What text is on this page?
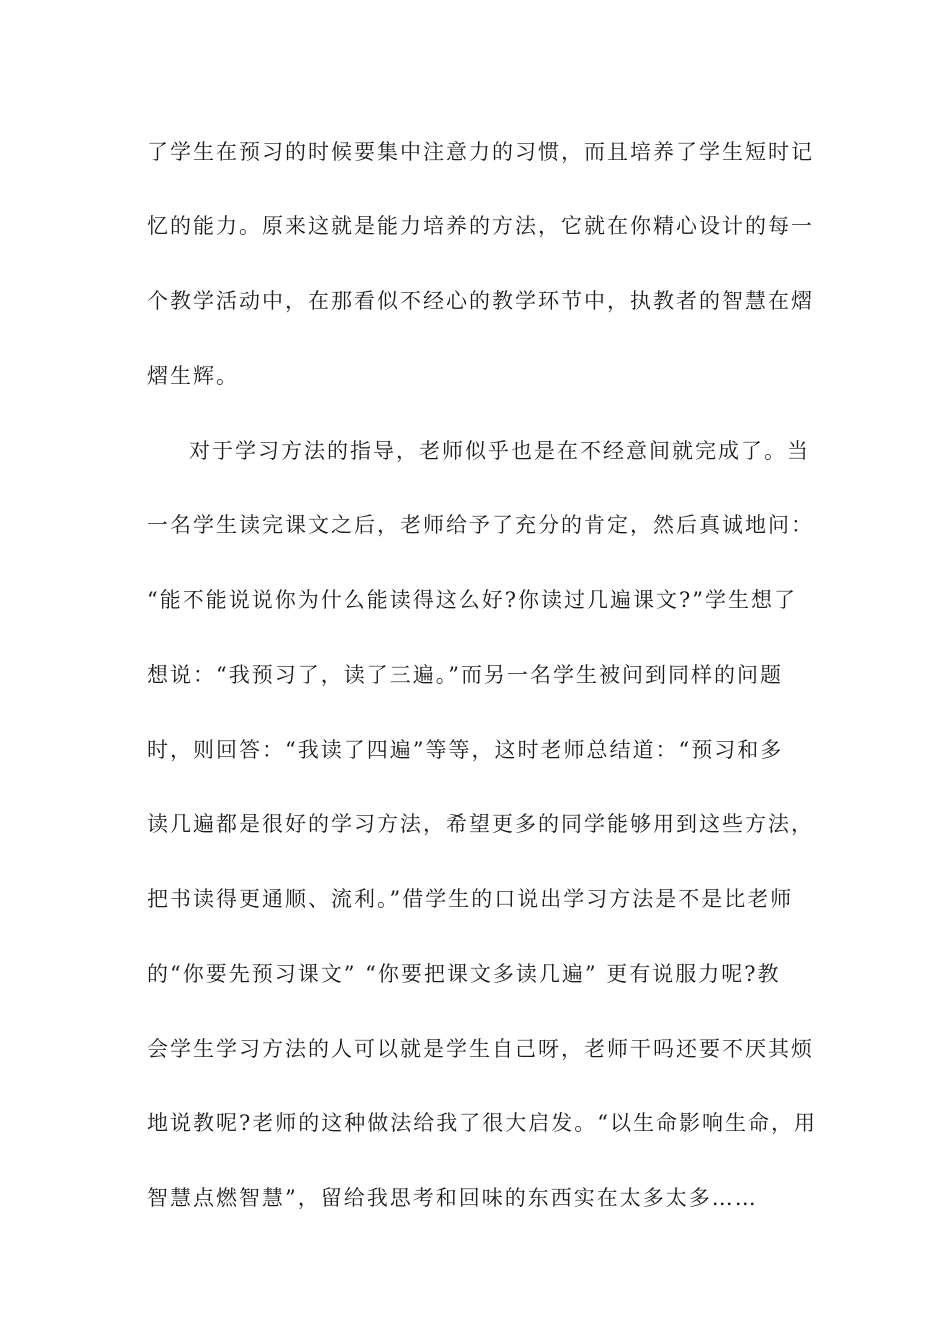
了学生在预习的时候要集中注意力的习惯，而且培养了学生短时记
忆的能力。原来这就是能力培养的方法，它就在你精心设计的每一
个教学活动中，在那看似不经心的教学环节中，执教者的智慧在熠
熠生辉。
对于学习方法的指导，老师似乎也是在不经意间就完成了。当
一名学生读完课文之后，老师给予了充分的肯定，然后真诚地问：
“能不能说说你为什么能读得这么好?你读过几遍课文?”学生想了
想说：“我预习了，读了三遍。”而另一名学生被问到同样的问题
时，则回答：“我读了四遍”等等，这时老师总结道：“预习和多
读几遍都是很好的学习方法，希望更多的同学能够用到这些方法，
把书读得更通顺、流利。”借学生的口说出学习方法是不是比老师
的“你要先预习课文” “你要把课文多读几遍” 更有说服力呢?教
会学生学习方法的人可以就是学生自己呀，老师干吗还要不厌其烦
地说教呢?老师的这种做法给我了很大启发。“以生命影响生命，用
智慧点燃智慧”，留给我思考和回味的东西实在太多太多……
